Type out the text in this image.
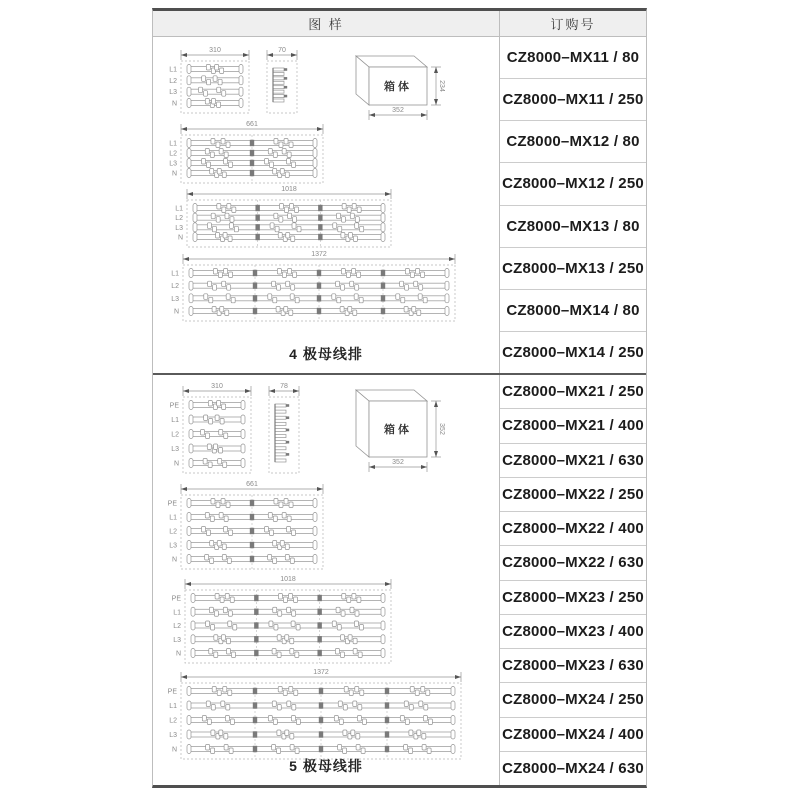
图 样	订购号
310
L1
L2
L3
N
661
L1
L2
L3
N
1018
L1
L2
L3
N
1372
L1
L2
L3
N
70
箱体
352
234
4 极母线排
CZ8000–MX11 / 80
CZ8000–MX11 / 250
CZ8000–MX12 / 80
CZ8000–MX12 / 250
CZ8000–MX13 / 80
CZ8000–MX13 / 250
CZ8000–MX14 / 80
CZ8000–MX14 / 250
310
PE
L1
L2
L3
N
661
PE
L1
L2
L3
N
1018
PE
L1
L2
L3
N
1372
PE
L1
L2
L3
N
78
箱体
352
352
5 极母线排
CZ8000–MX21 / 250
CZ8000–MX21 / 400
CZ8000–MX21 / 630
CZ8000–MX22 / 250
CZ8000–MX22 / 400
CZ8000–MX22 / 630
CZ8000–MX23 / 250
CZ8000–MX23 / 400
CZ8000–MX23 / 630
CZ8000–MX24 / 250
CZ8000–MX24 / 400
CZ8000–MX24 / 630
